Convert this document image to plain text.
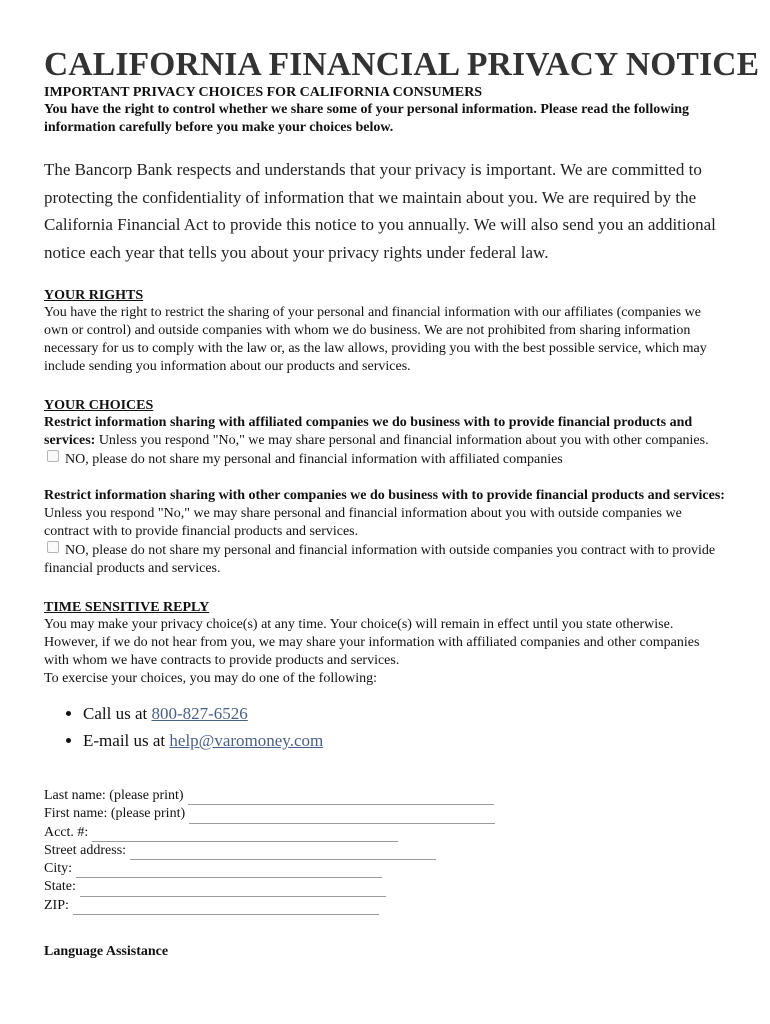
CALIFORNIA FINANCIAL PRIVACY NOTICE

IMPORTANT PRIVACY CHOICES FOR CALIFORNIA CONSUMERS

You have the right to control whether we share some of your personal information. Please read the following information carefully before you make your choices below.

The Bancorp Bank respects and understands that your privacy is important. We are committed to protecting the confidentiality of information that we maintain about you. We are required by the California Financial Act to provide this notice to you annually. We will also send you an additional notice each year that tells you about your privacy rights under federal law.

YOUR RIGHTS

You have the right to restrict the sharing of your personal and financial information with our affiliates (companies we own or control) and outside companies with whom we do business. We are not prohibited from sharing information necessary for us to comply with the law or, as the law allows, providing you with the best possible service, which may include sending you information about our products and services.

YOUR CHOICES

Restrict information sharing with affiliated companies we do business with to provide financial products and services: Unless you respond "No," we may share personal and financial information about you with other companies.

NO, please do not share my personal and financial information with affiliated companies

Restrict information sharing with other companies we do business with to provide financial products and services: Unless you respond "No," we may share personal and financial information about you with outside companies we contract with to provide financial products and services.

NO, please do not share my personal and financial information with outside companies you contract with to provide financial products and services.

TIME SENSITIVE REPLY

You may make your privacy choice(s) at any time. Your choice(s) will remain in effect until you state otherwise. However, if we do not hear from you, we may share your information with affiliated companies and other companies with whom we have contracts to provide products and services.

To exercise your choices, you may do one of the following:

• Call us at 800-827-6526
• E-mail us at help@varomoney.com
Last name: (please print)
First name: (please print)
Acct. #:
Street address:
City:
State:
ZIP:

Language Assistance
